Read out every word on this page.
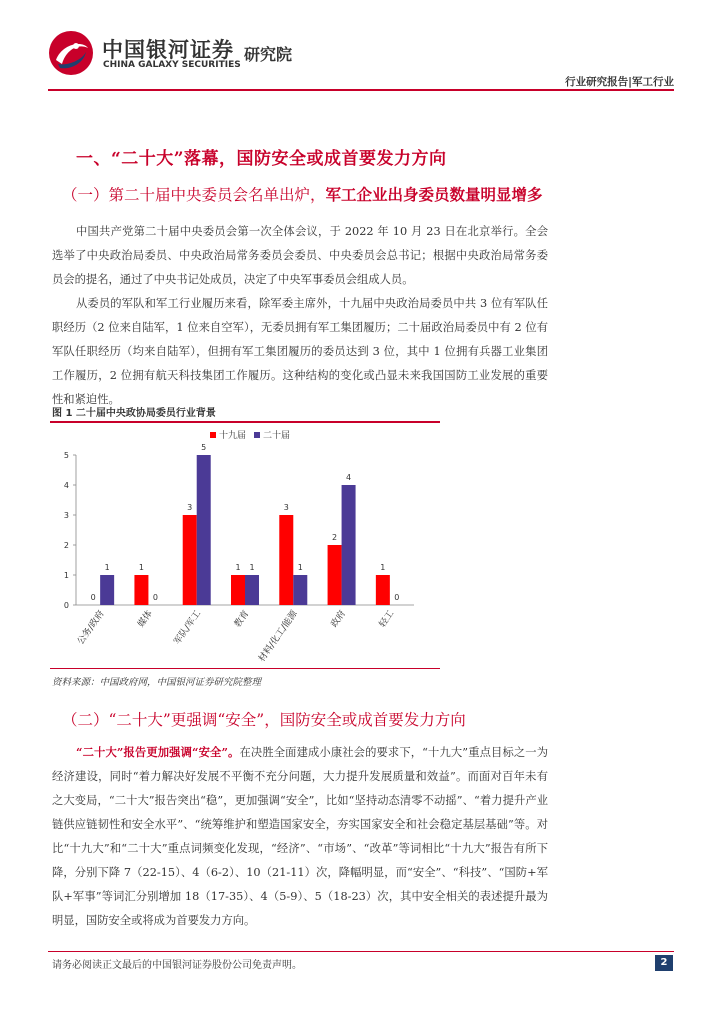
中国银河证券
CHINA GALAXY SECURITIES
研究院
行业研究报告|军工行业
一、“二十大”落幕，国防安全或成首要发力方向
（一）第二十届中央委员会名单出炉，军工企业出身委员数量明显增多
中国共产党第二十届中央委员会第一次全体会议，于 2022 年 10 月 23 日在北京举行。全会选举了中央政治局委员、中央政治局常务委员会委员、中央委员会总书记；根据中央政治局常务委员会的提名，通过了中央书记处成员，决定了中央军事委员会组成人员。
从委员的军队和军工行业履历来看，除军委主席外，十九届中央政治局委员中共 3 位有军队任职经历（2 位来自陆军，1 位来自空军），无委员拥有军工集团履历；二十届政治局委员中有 2 位有军队任职经历（均来自陆军），但拥有军工集团履历的委员达到 3 位，其中 1 位拥有兵器工业集团工作履历，2 位拥有航天科技集团工作履历。这种结构的变化或凸显未来我国国防工业发展的重要性和紧迫性。
图 1 二十届中央政协局委员行业背景
0
1
2
3
4
5
0
1
公务/政府
1
0
媒体
3
5
军队/军工
1 1
教育
3
1
材料/化工/能源
2
4
政府
1
0
轻工
十九届 二十届
资料来源：中国政府网，中国银河证券研究院整理
（二）“二十大”更强调“安全”，国防安全或成首要发力方向
“二十大”报告更加强调“安全”。在决胜全面建成小康社会的要求下，“十九大”重点目标之一为经济建设，同时“着力解决好发展不平衡不充分问题，大力提升发展质量和效益”。而面对百年未有之大变局，“二十大”报告突出“稳”，更加强调“安全”，比如“坚持动态清零不动摇”、“着力提升产业链供应链韧性和安全水平”、“统筹维护和塑造国家安全，夯实国家安全和社会稳定基层基础”等。对比“十九大”和“二十大”重点词频变化发现，“经济”、“市场”、“改革”等词相比“十九大”报告有所下降，分别下降 7（22-15）、4（6-2）、10（21-11）次，降幅明显，而“安全”、“科技”、“国防+军队+军事”等词汇分别增加 18（17-35）、4（5-9）、5（18-23）次，其中安全相关的表述提升最为明显，国防安全或将成为首要发力方向。
请务必阅读正文最后的中国银河证券股份公司免责声明。	2
